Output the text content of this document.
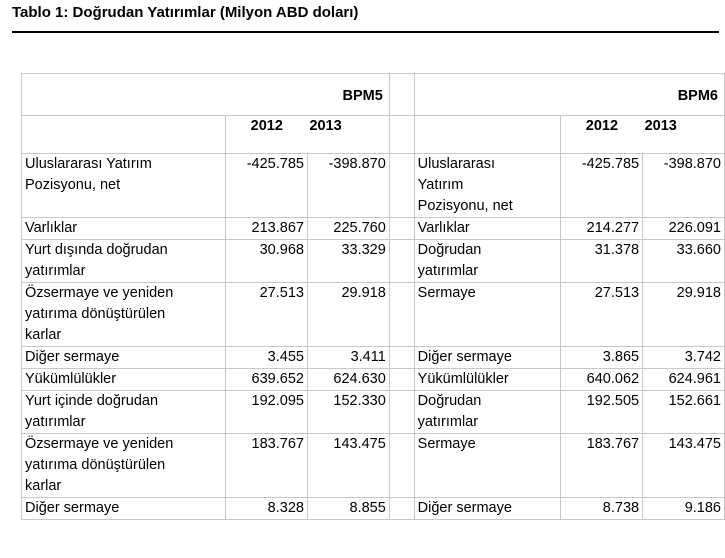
Tablo 1: Doğrudan Yatırımlar (Milyon ABD doları)
BPM5				BPM6		

	2012	2013			2012	2013
Uluslararası Yatırım Pozisyonu, net	-425.785	-398.870		Uluslararası Yatırım Pozisyonu, net	-425.785	-398.870
Varlıklar	213.867	225.760		Varlıklar	214.277	226.091
Yurt dışında doğrudan yatırımlar	30.968	33.329		Doğrudan yatırımlar	31.378	33.660
Özsermaye ve yeniden yatırıma dönüştürülen karlar	27.513	29.918		Sermaye	27.513	29.918
Diğer sermaye	3.455	3.411		Diğer sermaye	3.865	3.742
Yükümlülükler	639.652	624.630		Yükümlülükler	640.062	624.961
Yurt içinde doğrudan yatırımlar	192.095	152.330		Doğrudan yatırımlar	192.505	152.661
Özsermaye ve yeniden yatırıma dönüştürülen karlar	183.767	143.475		Sermaye	183.767	143.475
Diğer sermaye	8.328	8.855		Diğer sermaye	8.738	9.186
